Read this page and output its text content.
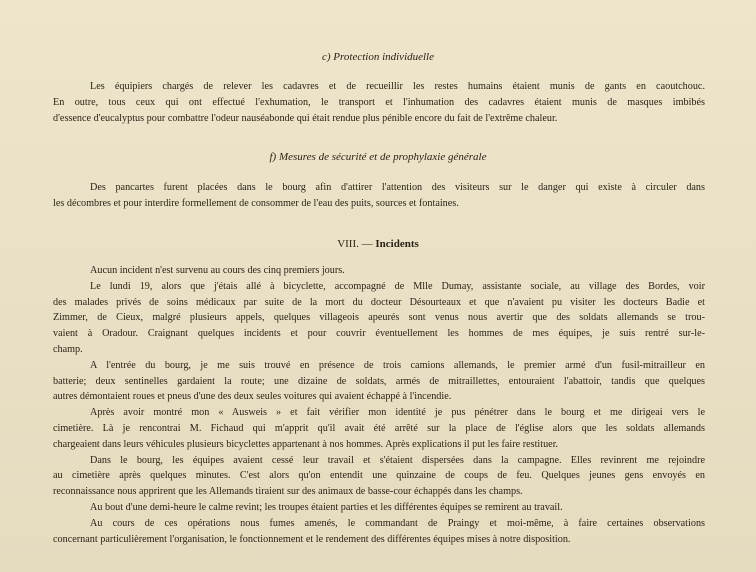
c) Protection individuelle
Les équipiers chargés de relever les cadavres et de recueillir les restes humains étaient munis de gants en caoutchouc.
En outre, tous ceux qui ont effectué l'exhumation, le transport et l'inhumation des cadavres étaient munis de masques imbibés
d'essence d'eucalyptus pour combattre l'odeur nauséabonde qui était rendue plus pénible encore du fait de l'extrême chaleur.
f) Mesures de sécurité et de prophylaxie générale
Des pancartes furent placées dans le bourg afin d'attirer l'attention des visiteurs sur le danger qui existe à circuler dans
les décombres et pour interdire formellement de consommer de l'eau des puits, sources et fontaines.
VIII. — Incidents
Aucun incident n'est survenu au cours des cinq premiers jours.
Le lundi 19, alors que j'étais allé à bicyclette, accompagné de Mlle Dumay, assistante sociale, au village des Bordes, voir
des malades privés de soins médicaux par suite de la mort du docteur Désourteaux et que n'avaient pu visiter les docteurs Badie et
Zimmer, de Cieux, malgré plusieurs appels, quelques villageois apeurés sont venus nous avertir que des soldats allemands se trou-
vaient à Oradour. Craignant quelques incidents et pour couvrir éventuellement les hommes de mes équipes, je suis rentré sur-le-
champ.
A l'entrée du bourg, je me suis trouvé en présence de trois camions allemands, le premier armé d'un fusil-mitrailleur en
batterie; deux sentinelles gardaient la route; une dizaine de soldats, armés de mitraillettes, entouraient l'abattoir, tandis que quelques
autres démontaient roues et pneus d'une des deux seules voitures qui avaient échappé à l'incendie.
Après avoir montré mon « Ausweis » et fait vérifier mon identité je pus pénétrer dans le bourg et me dirigeai vers le
cimetière. Là je rencontrai M. Fichaud qui m'apprit qu'il avait été arrêté sur la place de l'église alors que les soldats allemands
chargeaient dans leurs véhicules plusieurs bicyclettes appartenant à nos hommes. Après explications il put les faire restituer.
Dans le bourg, les équipes avaient cessé leur travail et s'étaient dispersées dans la campagne. Elles revinrent me rejoindre
au cimetière après quelques minutes. C'est alors qu'on entendit une quinzaine de coups de feu. Quelques jeunes gens envoyés en
reconnaissance nous apprirent que les Allemands tiraient sur des animaux de basse-cour échappés dans les champs.
Au bout d'une demi-heure le calme revint; les troupes étaient parties et les différentes équipes se remirent au travail.
Au cours de ces opérations nous fumes amenés, le commandant de Praingy et moi-même, à faire certaines observations
concernant particulièrement l'organisation, le fonctionnement et le rendement des différentes équipes mises à notre disposition.
